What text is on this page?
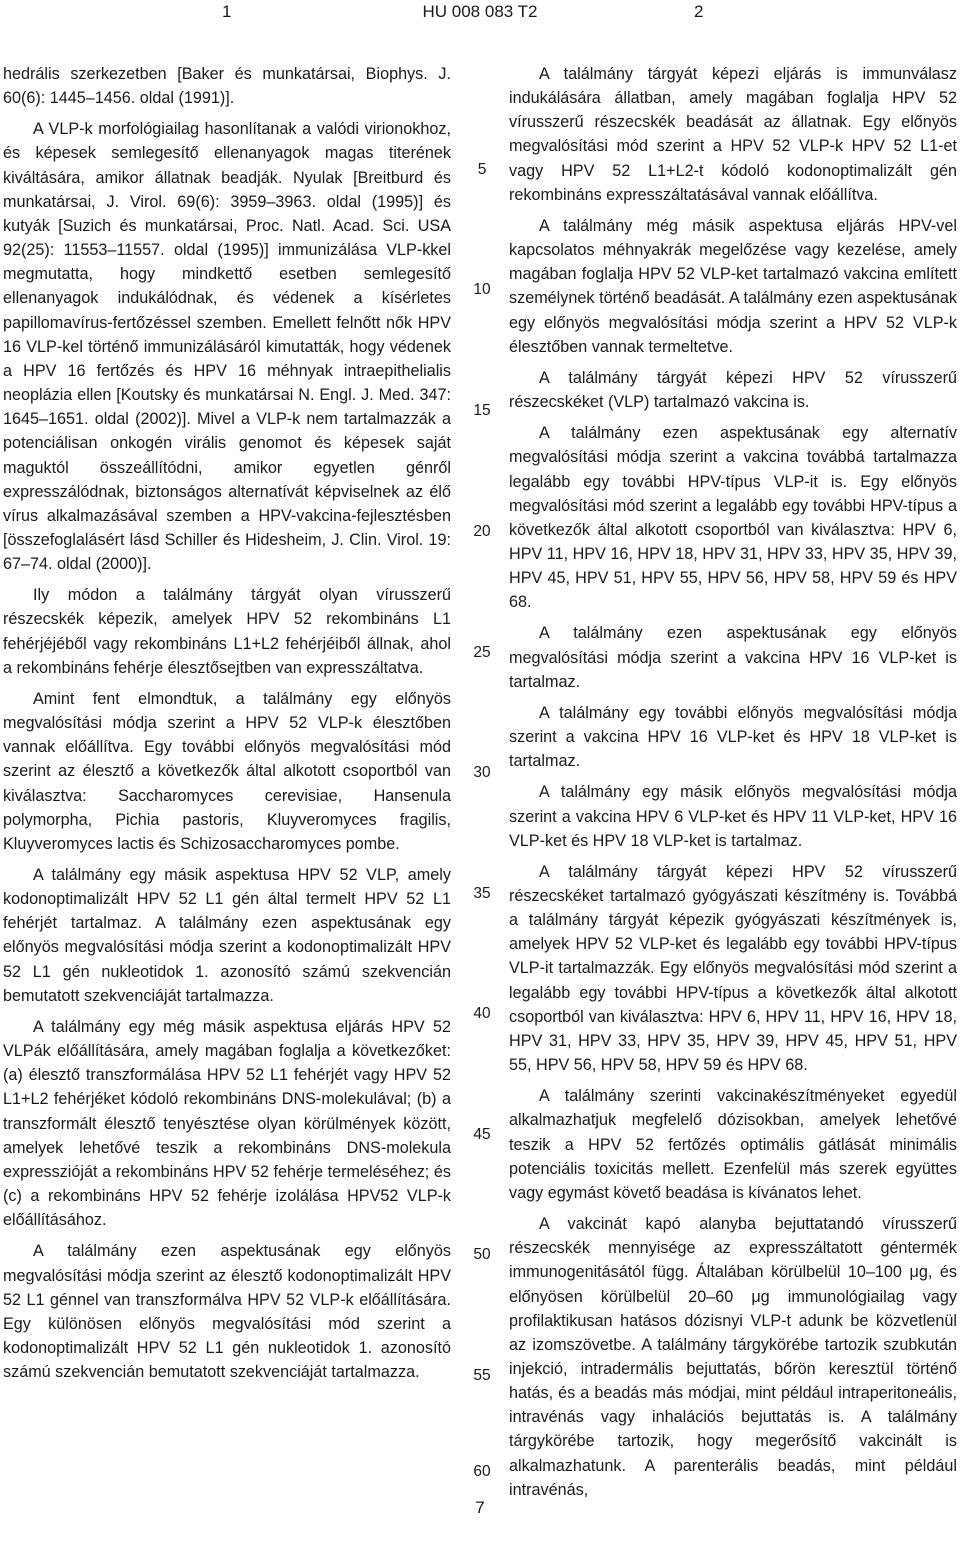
1	HU 008 083 T2	2

hedrális szerkezetben [Baker és munkatársai, Biophys. J. 60(6): 1445–1456. oldal (1991)].

A VLP-k morfológiailag hasonlítanak a valódi virionokhoz, és képesek semlegesítő ellenanyagok magas titerének kiváltására, amikor állatnak beadják. Nyulak [Breitburd és munkatársai, J. Virol. 69(6): 3959–3963. oldal (1995)] és kutyák [Suzich és munkatársai, Proc. Natl. Acad. Sci. USA 92(25): 11553–11557. oldal (1995)] immunizálása VLP-kkel megmutatta, hogy mindkettő esetben semlegesítő ellenanyagok indukálódnak, és védenek a kísérletes papillomavírus-fertőzéssel szemben. Emellett felnőtt nők HPV 16 VLP-kel történő immunizálásáról kimutatták, hogy védenek a HPV 16 fertőzés és HPV 16 méhnyak intraepithelialis neoplázia ellen [Koutsky és munkatársai N. Engl. J. Med. 347: 1645–1651. oldal (2002)]. Mivel a VLP-k nem tartalmazzák a potenciálisan onkogén virális genomot és képesek saját maguktól összeállítódni, amikor egyetlen génről expresszálódnak, biztonságos alternatívát képviselnek az élő vírus alkalmazásával szemben a HPV-vakcina-fejlesztésben [összefoglalásért lásd Schiller és Hidesheim, J. Clin. Virol. 19: 67–74. oldal (2000)].

Ily módon a találmány tárgyát olyan vírusszerű részecskék képezik, amelyek HPV 52 rekombináns L1 fehérjéjéből vagy rekombináns L1+L2 fehérjéiből állnak, ahol a rekombináns fehérje élesztősejtben van expresszáltatva.

Amint fent elmondtuk, a találmány egy előnyös megvalósítási módja szerint a HPV 52 VLP-k élesztőben vannak előállítva. Egy további előnyös megvalósítási mód szerint az élesztő a következők által alkotott csoportból van kiválasztva: Saccharomyces cerevisiae, Hansenula polymorpha, Pichia pastoris, Kluyveromyces fragilis, Kluyveromyces lactis és Schizosaccharomyces pombe.

A találmány egy másik aspektusa HPV 52 VLP, amely kodonoptimalizált HPV 52 L1 gén által termelt HPV 52 L1 fehérjét tartalmaz. A találmány ezen aspektusának egy előnyös megvalósítási módja szerint a kodonoptimalizált HPV 52 L1 gén nukleotidok 1. azonosító számú szekvencián bemutatott szekvenciáját tartalmazza.

A találmány egy még másik aspektusa eljárás HPV 52 VLPák előállítására, amely magában foglalja a következőket: (a) élesztő transzformálása HPV 52 L1 fehérjét vagy HPV 52 L1+L2 fehérjéket kódoló rekombináns DNS-molekulával; (b) a transzformált élesztő tenyésztése olyan körülmények között, amelyek lehetővé teszik a rekombináns DNS-molekula expresszióját a rekombináns HPV 52 fehérje termeléséhez; és (c) a rekombináns HPV 52 fehérje izolálása HPV52 VLP-k előállításához.

A találmány ezen aspektusának egy előnyös megvalósítási módja szerint az élesztő kodonoptimalizált HPV 52 L1 génnel van transzformálva HPV 52 VLP-k előállítására. Egy különösen előnyös megvalósítási mód szerint a kodonoptimalizált HPV 52 L1 gén nukleotidok 1. azonosító számú szekvencián bemutatott szekvenciáját tartalmazza.

A találmány tárgyát képezi eljárás is immunválasz indukálására állatban, amely magában foglalja HPV 52 vírusszerű részecskék beadását az állatnak. Egy előnyös megvalósítási mód szerint a HPV 52 VLP-k HPV 52 L1-et vagy HPV 52 L1+L2-t kódoló kodonoptimalizált gén rekombináns expresszáltatásával vannak előállítva.

A találmány még másik aspektusa eljárás HPV-vel kapcsolatos méhnyakrák megelőzése vagy kezelése, amely magában foglalja HPV 52 VLP-ket tartalmazó vakcina említett személynek történő beadását. A találmány ezen aspektusának egy előnyös megvalósítási módja szerint a HPV 52 VLP-k élesztőben vannak termeltetve.

A találmány tárgyát képezi HPV 52 vírusszerű részecskéket (VLP) tartalmazó vakcina is.

A találmány ezen aspektusának egy alternatív megvalósítási módja szerint a vakcina továbbá tartalmazza legalább egy további HPV-típus VLP-it is. Egy előnyös megvalósítási mód szerint a legalább egy további HPV-típus a következők által alkotott csoportból van kiválasztva: HPV 6, HPV 11, HPV 16, HPV 18, HPV 31, HPV 33, HPV 35, HPV 39, HPV 45, HPV 51, HPV 55, HPV 56, HPV 58, HPV 59 és HPV 68.

A találmány ezen aspektusának egy előnyös megvalósítási módja szerint a vakcina HPV 16 VLP-ket is tartalmaz.

A találmány egy további előnyös megvalósítási módja szerint a vakcina HPV 16 VLP-ket és HPV 18 VLP-ket is tartalmaz.

A találmány egy másik előnyös megvalósítási módja szerint a vakcina HPV 6 VLP-ket és HPV 11 VLP-ket, HPV 16 VLP-ket és HPV 18 VLP-ket is tartalmaz.

A találmány tárgyát képezi HPV 52 vírusszerű részecskéket tartalmazó gyógyászati készítmény is. Továbbá a találmány tárgyát képezik gyógyászati készítmények is, amelyek HPV 52 VLP-ket és legalább egy további HPV-típus VLP-it tartalmazzák. Egy előnyös megvalósítási mód szerint a legalább egy további HPV-típus a következők által alkotott csoportból van kiválasztva: HPV 6, HPV 11, HPV 16, HPV 18, HPV 31, HPV 33, HPV 35, HPV 39, HPV 45, HPV 51, HPV 55, HPV 56, HPV 58, HPV 59 és HPV 68.

A találmány szerinti vakcinakészítményeket egyedül alkalmazhatjuk megfelelő dózisokban, amelyek lehetővé teszik a HPV 52 fertőzés optimális gátlását minimális potenciális toxicitás mellett. Ezenfelül más szerek együttes vagy egymást követő beadása is kívánatos lehet.

A vakcinát kapó alanyba bejuttatandó vírusszerű részecskék mennyisége az expresszáltatott géntermék immunogenitásától függ. Általában körülbelül 10–100 μg, és előnyösen körülbelül 20–60 μg immunológiailag vagy profilaktikusan hatásos dózisnyi VLP-t adunk be közvetlenül az izomszövetbe. A találmány tárgykörébe tartozik szubkután injekció, intradermális bejuttatás, bőrön keresztül történő hatás, és a beadás más módjai, mint például intraperitoneális, intravénás vagy inhalációs bejuttatás is. A találmány tárgykörébe tartozik, hogy megerősítő vakcinált is alkalmazhatunk. A parenterális beadás, mint például intravénás,

5
10
15
20
25
30
35
40
45
50
55
60
7
